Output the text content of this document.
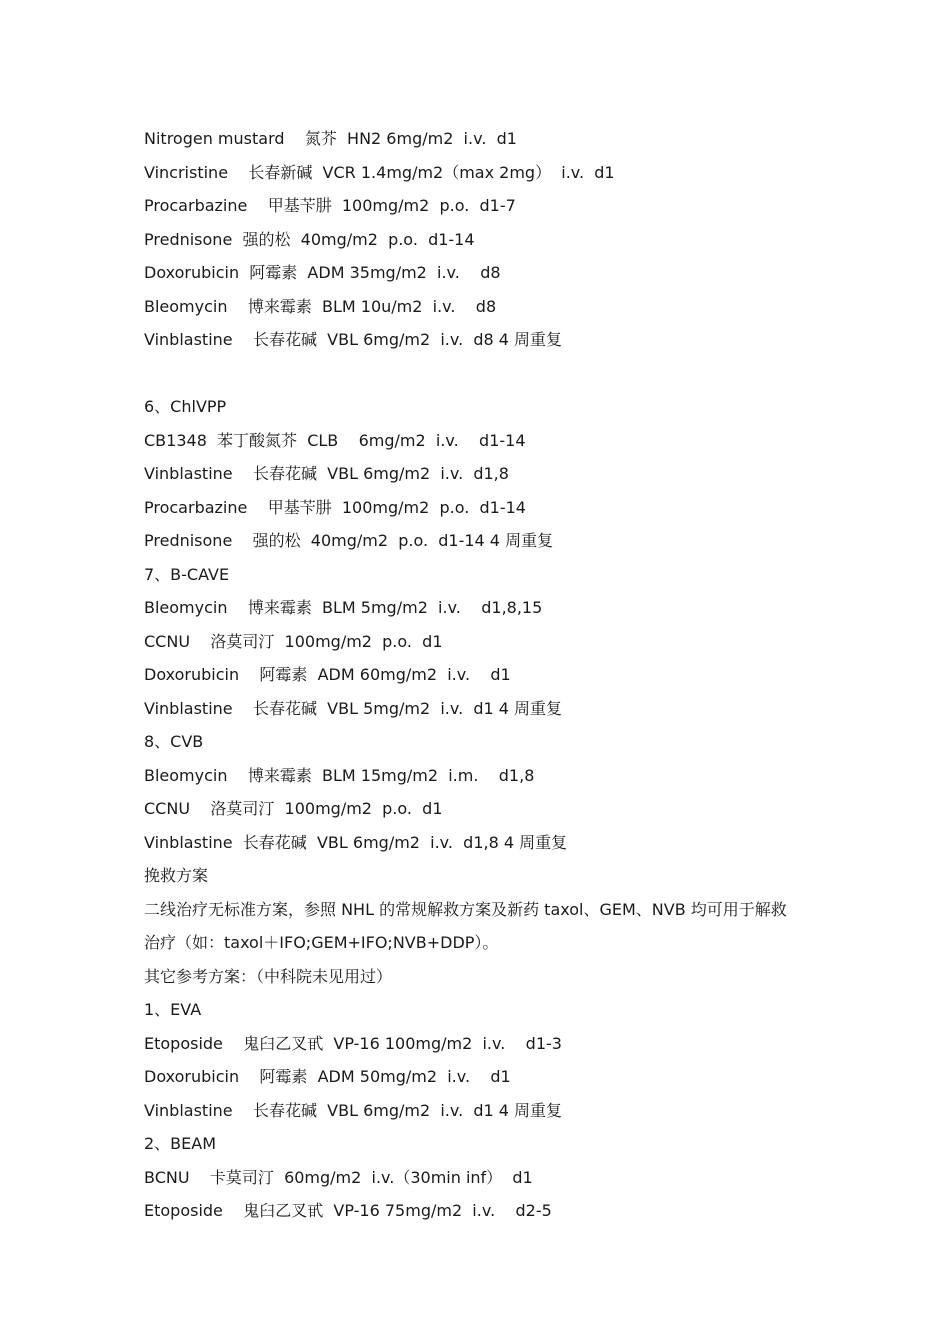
Nitrogen mustard    氮芥  HN2 6mg/m2  i.v.  d1
Vincristine    长春新碱  VCR 1.4mg/m2（max 2mg）  i.v.  d1
Procarbazine    甲基苄肼  100mg/m2  p.o.  d1-7
Prednisone  强的松  40mg/m2  p.o.  d1-14
Doxorubicin  阿霉素  ADM 35mg/m2  i.v.    d8
Bleomycin    博来霉素  BLM 10u/m2  i.v.    d8
Vinblastine    长春花碱  VBL 6mg/m2  i.v.  d8 4 周重复
6、ChlVPP
CB1348  苯丁酸氮芥  CLB    6mg/m2  i.v.    d1-14
Vinblastine    长春花碱  VBL 6mg/m2  i.v.  d1,8
Procarbazine    甲基苄肼  100mg/m2  p.o.  d1-14
Prednisone    强的松  40mg/m2  p.o.  d1-14 4 周重复
7、B-CAVE
Bleomycin    博来霉素  BLM 5mg/m2  i.v.    d1,8,15
CCNU    洛莫司汀  100mg/m2  p.o.  d1
Doxorubicin    阿霉素  ADM 60mg/m2  i.v.    d1
Vinblastine    长春花碱  VBL 5mg/m2  i.v.  d1 4 周重复
8、CVB
Bleomycin    博来霉素  BLM 15mg/m2  i.m.    d1,8
CCNU    洛莫司汀  100mg/m2  p.o.  d1
Vinblastine  长春花碱  VBL 6mg/m2  i.v.  d1,8 4 周重复
挽救方案
二线治疗无标准方案，参照 NHL 的常规解救方案及新药 taxol、GEM、NVB 均可用于解救
治疗（如：taxol＋IFO;GEM+IFO;NVB+DDP）。
其它参考方案：（中科院未见用过）
1、EVA
Etoposide    鬼臼乙叉甙  VP-16 100mg/m2  i.v.    d1-3
Doxorubicin    阿霉素  ADM 50mg/m2  i.v.    d1
Vinblastine    长春花碱  VBL 6mg/m2  i.v.  d1 4 周重复
2、BEAM
BCNU    卡莫司汀  60mg/m2  i.v.（30min inf）  d1
Etoposide    鬼臼乙叉甙  VP-16 75mg/m2  i.v.    d2-5
